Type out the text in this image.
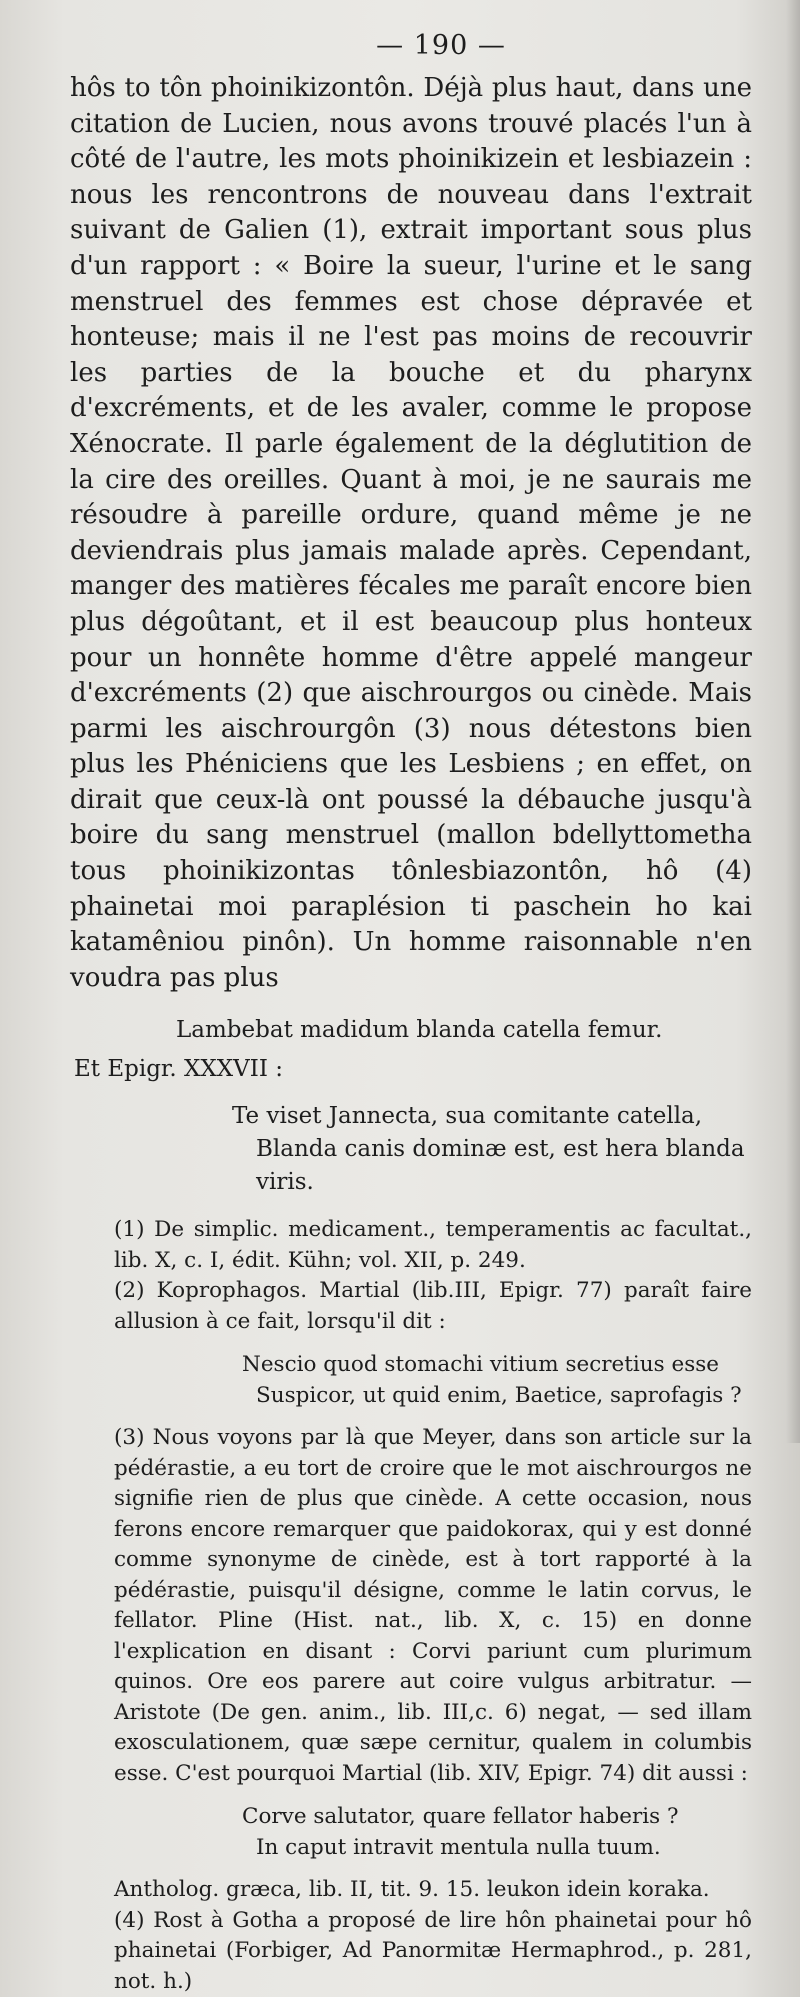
— 190 —

hôs to tôn phoinikizontôn. Déjà plus haut, dans une citation de Lucien, nous avons trouvé placés l'un à côté de l'autre, les mots phoinikizein et lesbiazein : nous les rencontrons de nouveau dans l'extrait suivant de Galien (1), extrait important sous plus d'un rapport : « Boire la sueur, l'urine et le sang menstruel des femmes est chose dépravée et honteuse; mais il ne l'est pas moins de recouvrir les parties de la bouche et du pharynx d'excréments, et de les avaler, comme le propose Xénocrate. Il parle également de la déglutition de la cire des oreilles. Quant à moi, je ne saurais me résoudre à pareille ordure, quand même je ne deviendrais plus jamais malade après. Cependant, manger des matières fécales me paraît encore bien plus dégoûtant, et il est beaucoup plus honteux pour un honnête homme d'être appelé mangeur d'excréments (2) que aischrourgos ou cinède. Mais parmi les aischrourgôn (3) nous détestons bien plus les Phéniciens que les Lesbiens ; en effet, on dirait que ceux-là ont poussé la débauche jusqu'à boire du sang menstruel (mallon bdellyttometha tous phoinikizontas tônlesbiazontôn, hô (4) phainetai moi paraplésion ti paschein ho kai katamêniou pinôn). Un homme raisonnable n'en voudra pas plus

Lambebat madidum blanda catella femur.
Et Epigr. XXXVII :
Te viset Jannecta, sua comitante catella,
Blanda canis dominæ est, est hera blanda viris.

(1) De simplic. medicament., temperamentis ac facultat., lib. X, c. I, édit. Kühn; vol. XII, p. 249.

(2) Koprophagos. Martial (lib.III, Epigr. 77) paraît faire allusion à ce fait, lorsqu'il dit :

Nescio quod stomachi vitium secretius esse
Suspicor, ut quid enim, Baetice, saprofagis ?

(3) Nous voyons par là que Meyer, dans son article sur la pédérastie, a eu tort de croire que le mot aischrourgos ne signifie rien de plus que cinède. A cette occasion, nous ferons encore remarquer que paidokorax, qui y est donné comme synonyme de cinède, est à tort rapporté à la pédérastie, puisqu'il désigne, comme le latin corvus, le fellator. Pline (Hist. nat., lib. X, c. 15) en donne l'explication en disant : Corvi pariunt cum plurimum quinos. Ore eos parere aut coire vulgus arbitratur. — Aristote (De gen. anim., lib. III,c. 6) negat, — sed illam exosculationem, quæ sæpe cernitur, qualem in columbis esse. C'est pourquoi Martial (lib. XIV, Epigr. 74) dit aussi :

Corve salutator, quare fellator haberis ?
In caput intravit mentula nulla tuum.

Antholog. græca, lib. II, tit. 9. 15. leukon idein koraka.

(4) Rost à Gotha a proposé de lire hôn phainetai pour hô phainetai (Forbiger, Ad Panormitæ Hermaphrod., p. 281, not. h.)
